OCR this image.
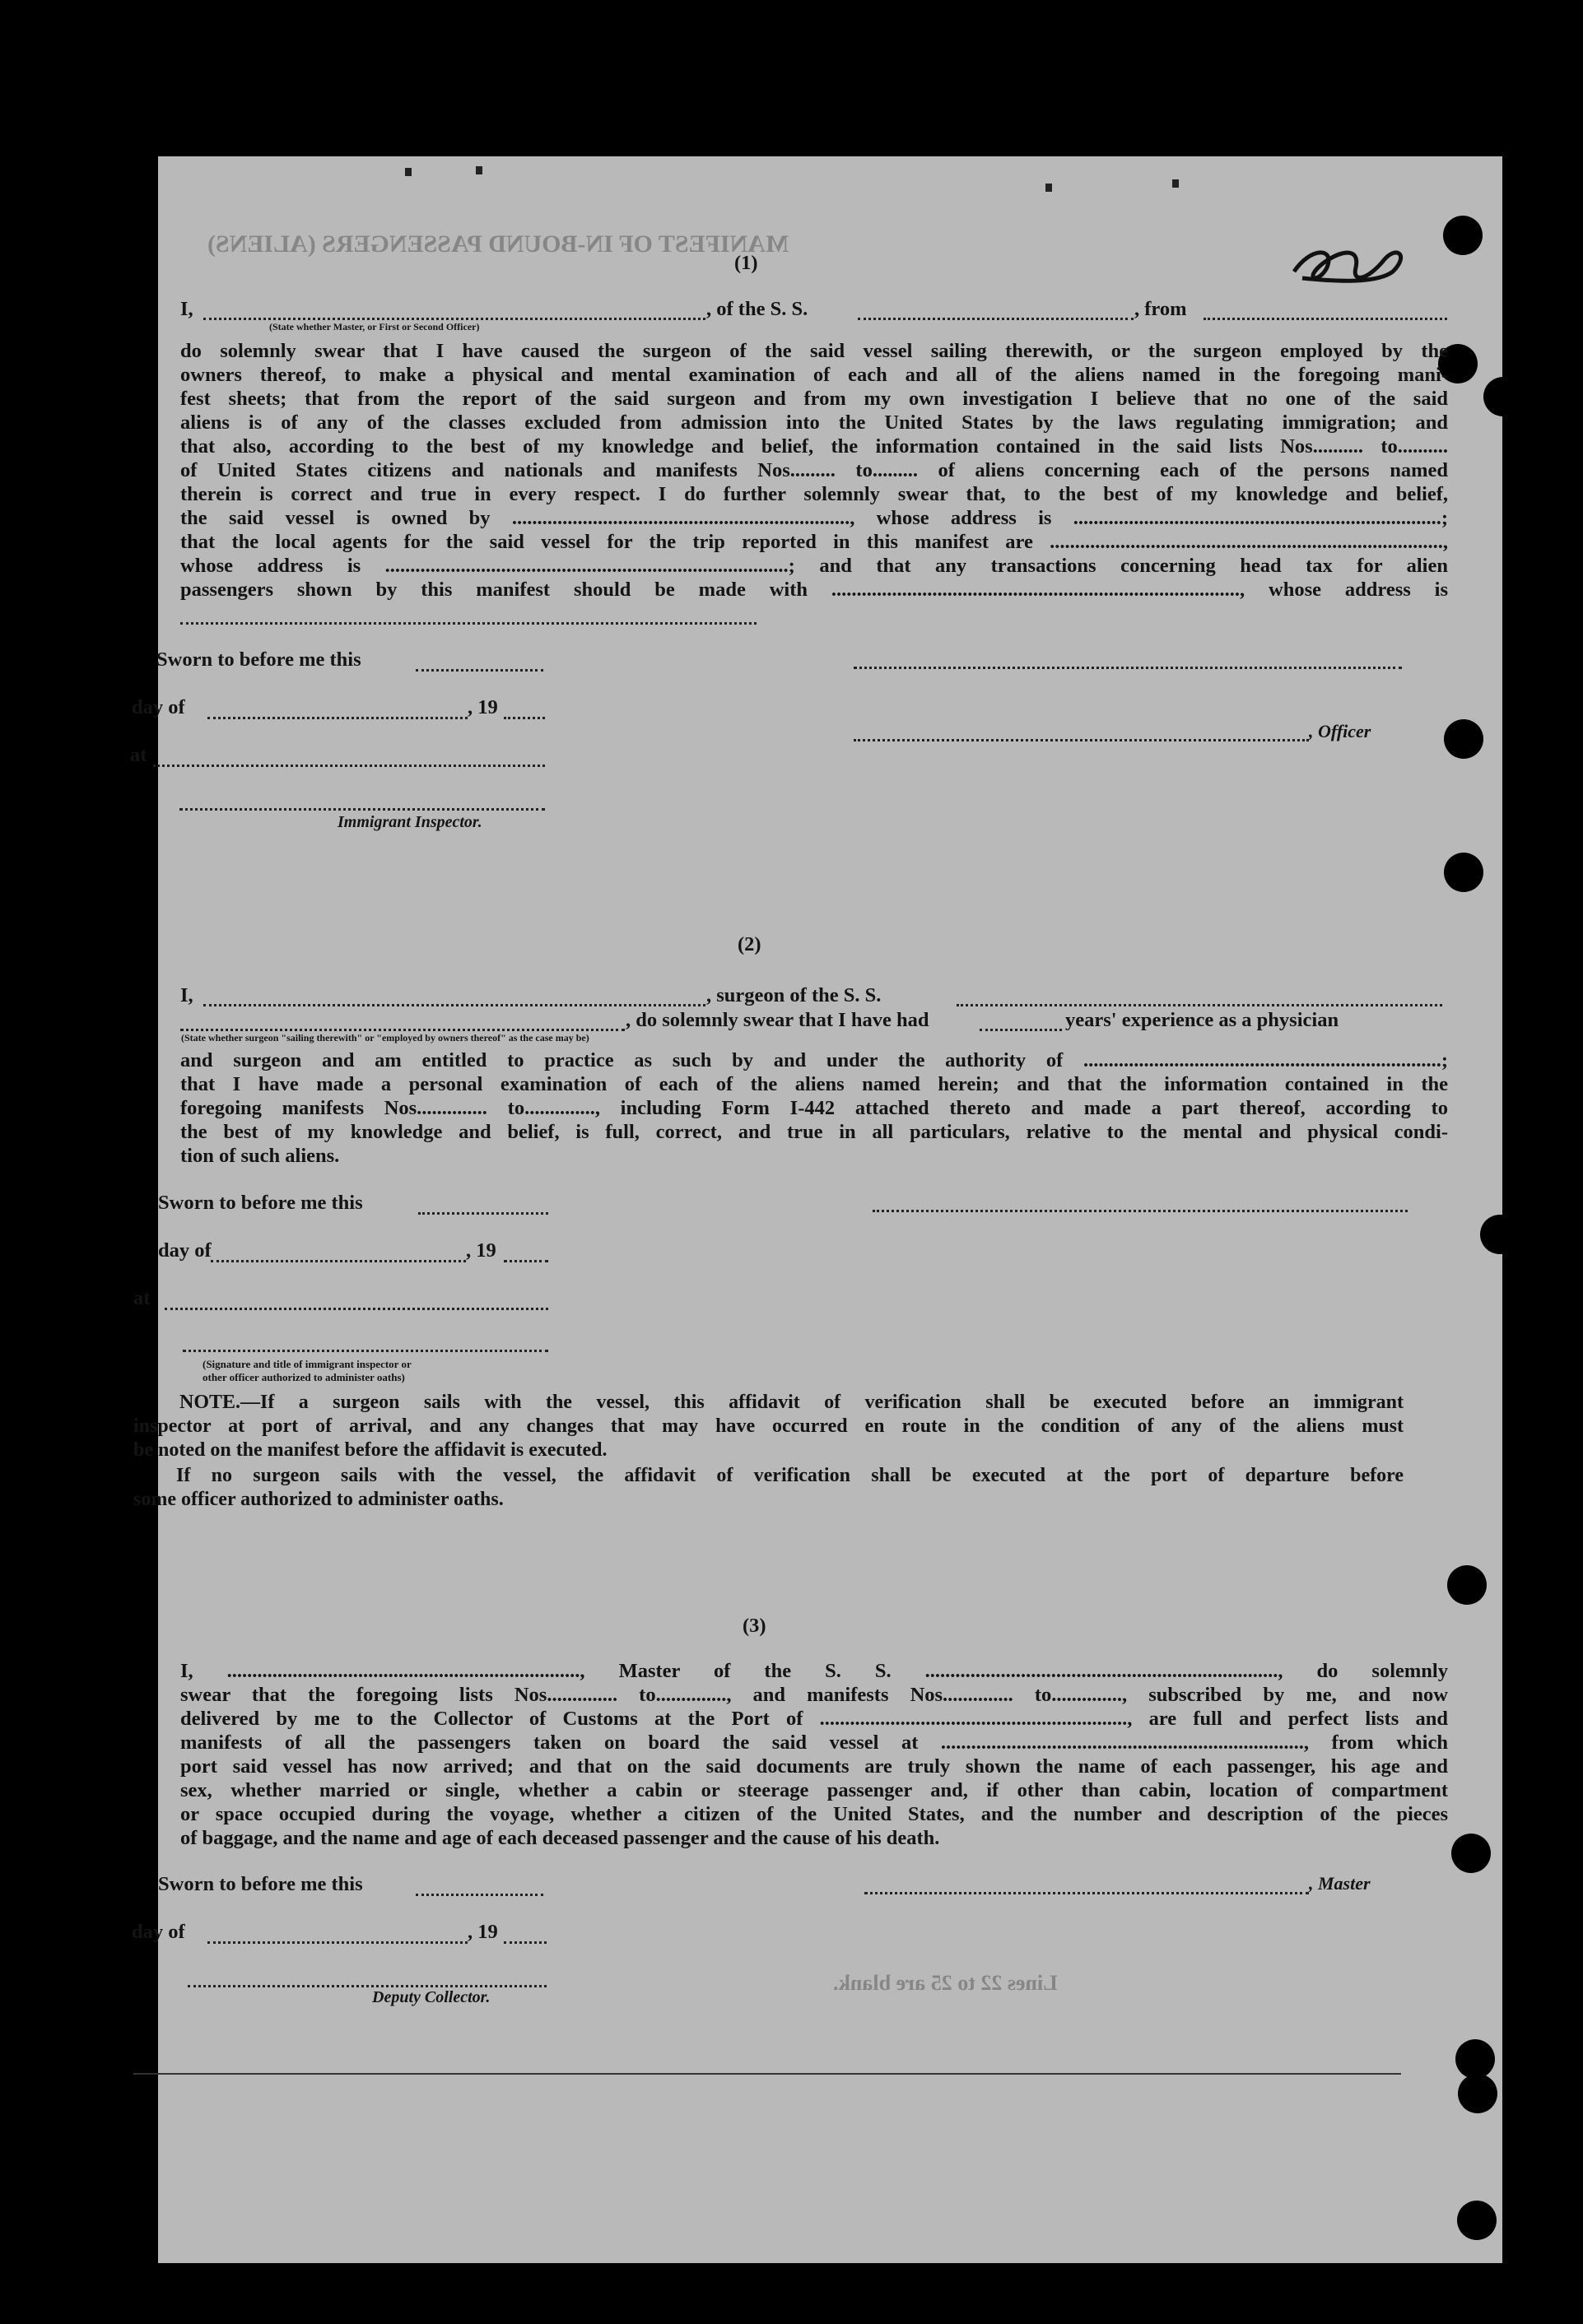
MANIFEST OF IN-BOUND PASSENGERS (ALIENS)
Lines 22 to 25 are blank.
(1)
I,	, of the S. S.	, from
(State whether Master, or First or Second Officer)
do solemnly swear that I have caused the surgeon of the said vessel sailing therewith, or the surgeon employed by the
owners thereof, to make a physical and mental examination of each and all of the aliens named in the foregoing mani-
fest sheets; that from the report of the said surgeon and from my own investigation I believe that no one of the said
aliens is of any of the classes excluded from admission into the United States by the laws regulating immigration; and
that also, according to the best of my knowledge and belief, the information contained in the said lists Nos.......... to..........
of United States citizens and nationals and manifests Nos......... to......... of aliens concerning each of the persons named
therein is correct and true in every respect. I do further solemnly swear that, to the best of my knowledge and belief,
the said vessel is owned by ..................................................................., whose address is .........................................................................;
that the local agents for the said vessel for the trip reported in this manifest are ..............................................................................,
whose address is ................................................................................; and that any transactions concerning head tax for alien
passengers shown by this manifest should be made with ................................................................................., whose address is
(2)
I,	, surgeon of the S. S.
, do solemnly swear that I have had	years' experience as a physician
(State whether surgeon "sailing therewith" or "employed by owners thereof" as the case may be)
and surgeon and am entitled to practice as such by and under the authority of .......................................................................;
that I have made a personal examination of each of the aliens named herein; and that the information contained in the
foregoing manifests Nos.............. to.............., including Form I-442 attached thereto and made a part thereof, according to
the best of my knowledge and belief, is full, correct, and true in all particulars, relative to the mental and physical condi-
tion of such aliens.
(3)
I, ......................................................................, Master of the S. S. ......................................................................, do solemnly
swear that the foregoing lists Nos.............. to.............., and manifests Nos.............. to.............., subscribed by me, and now
delivered by me to the Collector of Customs at the Port of ............................................................., are full and perfect lists and
manifests of all the passengers taken on board the said vessel at ........................................................................, from which
port said vessel has now arrived; and that on the said documents are truly shown the name of each passenger, his age and
sex, whether married or single, whether a cabin or steerage passenger and, if other than cabin, location of compartment
or space occupied during the voyage, whether a citizen of the United States, and the number and description of the pieces
of baggage, and the name and age of each deceased passenger and the cause of his death.
Sworn to before me this
day of	, 19
at
Immigrant Inspector.
, Officer
Sworn to before me this
day of	, 19
at
(Signature and title of immigrant inspector or
other officer authorized to administer oaths)
NOTE.—If a surgeon sails with the vessel, this affidavit of verification shall be executed before an immigrant
inspector at port of arrival, and any changes that may have occurred en route in the condition of any of the aliens must
be noted on the manifest before the affidavit is executed.
If no surgeon sails with the vessel, the affidavit of verification shall be executed at the port of departure before
some officer authorized to administer oaths.
Sworn to before me this
day of	, 19
Deputy Collector.
, Master
